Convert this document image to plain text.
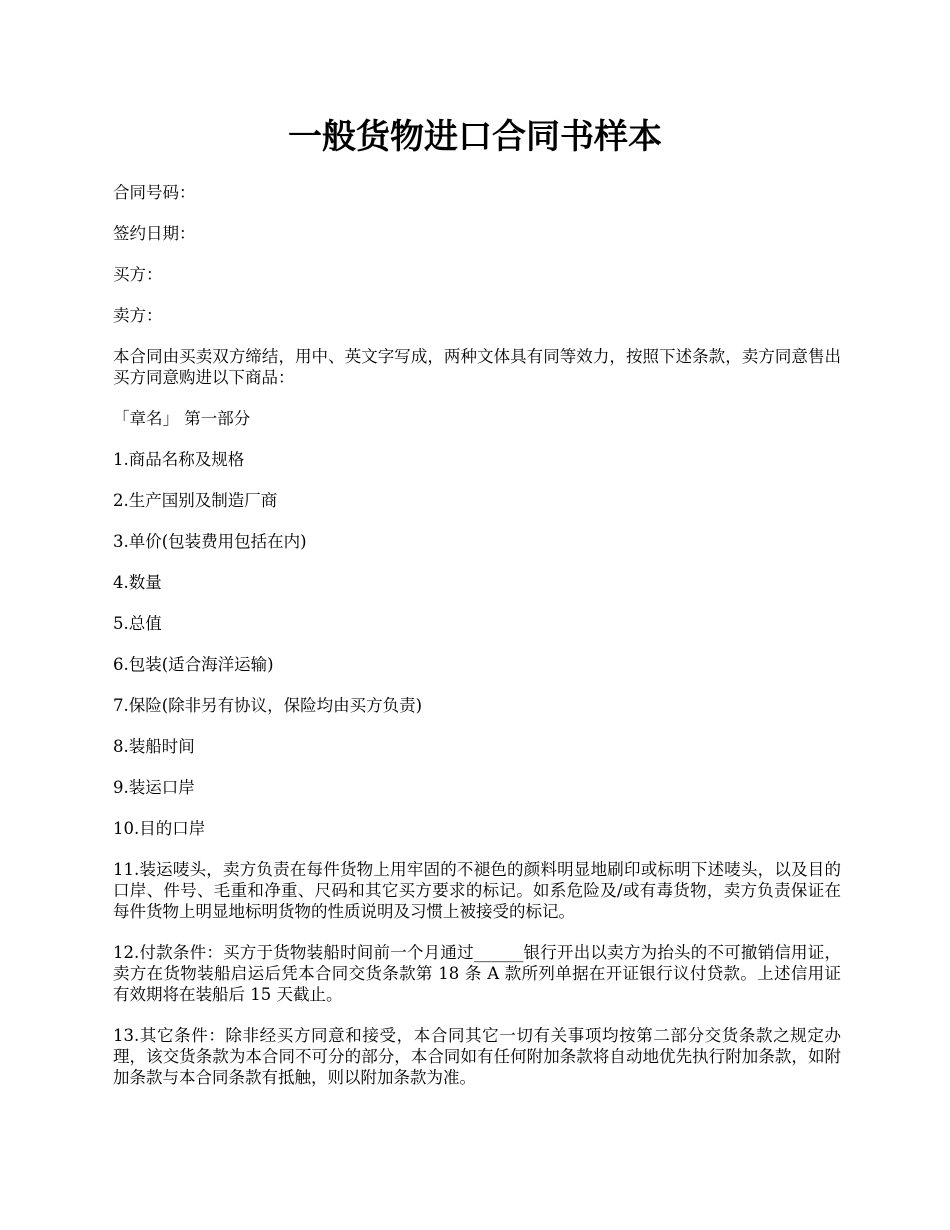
一般货物进口合同书样本

合同号码：

签约日期：

买方：

卖方：

本合同由买卖双方缔结，用中、英文字写成，两种文体具有同等效力，按照下述条款，卖方同意售出买方同意购进以下商品：

「章名」 第一部分

1.商品名称及规格

2.生产国别及制造厂商

3.单价(包装费用包括在内)

4.数量

5.总值

6.包装(适合海洋运输)

7.保险(除非另有协议，保险均由买方负责)

8.装船时间

9.装运口岸

10.目的口岸

11.装运唛头，卖方负责在每件货物上用牢固的不褪色的颜料明显地刷印或标明下述唛头，以及目的口岸、件号、毛重和净重、尺码和其它买方要求的标记。如系危险及/或有毒货物，卖方负责保证在每件货物上明显地标明货物的性质说明及习惯上被接受的标记。

12.付款条件：买方于货物装船时间前一个月通过______银行开出以卖方为抬头的不可撤销信用证，卖方在货物装船启运后凭本合同交货条款第 18 条 A 款所列单据在开证银行议付贷款。上述信用证有效期将在装船后 15 天截止。

13.其它条件：除非经买方同意和接受，本合同其它一切有关事项均按第二部分交货条款之规定办理，该交货条款为本合同不可分的部分，本合同如有任何附加条款将自动地优先执行附加条款，如附加条款与本合同条款有抵触，则以附加条款为准。
